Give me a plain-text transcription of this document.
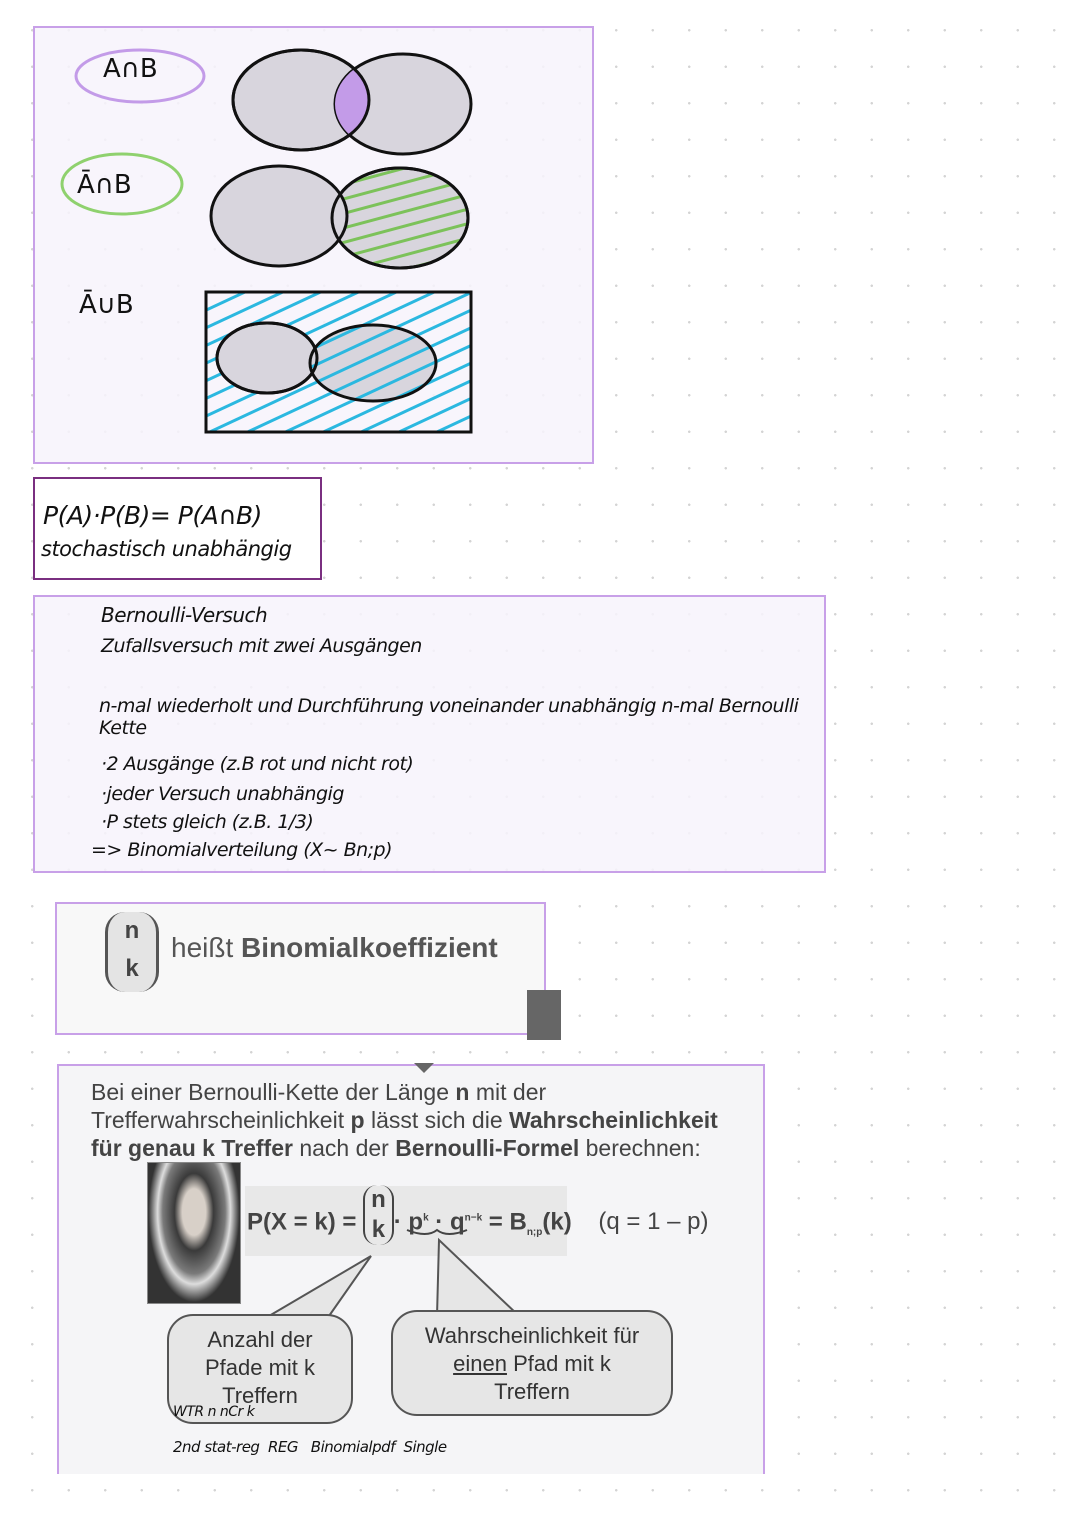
A∩B
Ā∩B
Ā∪B
P(A)·P(B)= P(A∩B)
stochastisch unabhängig
Bernoulli-Versuch
Zufallsversuch mit zwei Ausgängen
n-mal wiederholt und Durchführung voneinander unabhängig n-mal Bernoulli Kette
·2 Ausgänge (z.B rot und nicht rot)
·jeder Versuch unabhängig
·P stets gleich (z.B. 1/3)
=> Binomialverteilung (X~ Bn;p)
n
k
heißt Binomialkoeffizient
Bei einer Bernoulli-Kette der Länge n mit der
Trefferwahrscheinlichkeit p lässt sich die Wahrscheinlichkeit
für genau k Treffer nach der Bernoulli-Formel berechnen:
P(X = k) = n
$k \cdot p^k \cdot q^{n-k} = B_{n;p}(k) (q = 1 - p)$
Anzahl der
Pfade mit k
Treffern
Wahrscheinlichkeit für
einen Pfad mit k
Treffern
WTR n nCr k
2nd stat-reg  REG   Binomialpdf  Single
